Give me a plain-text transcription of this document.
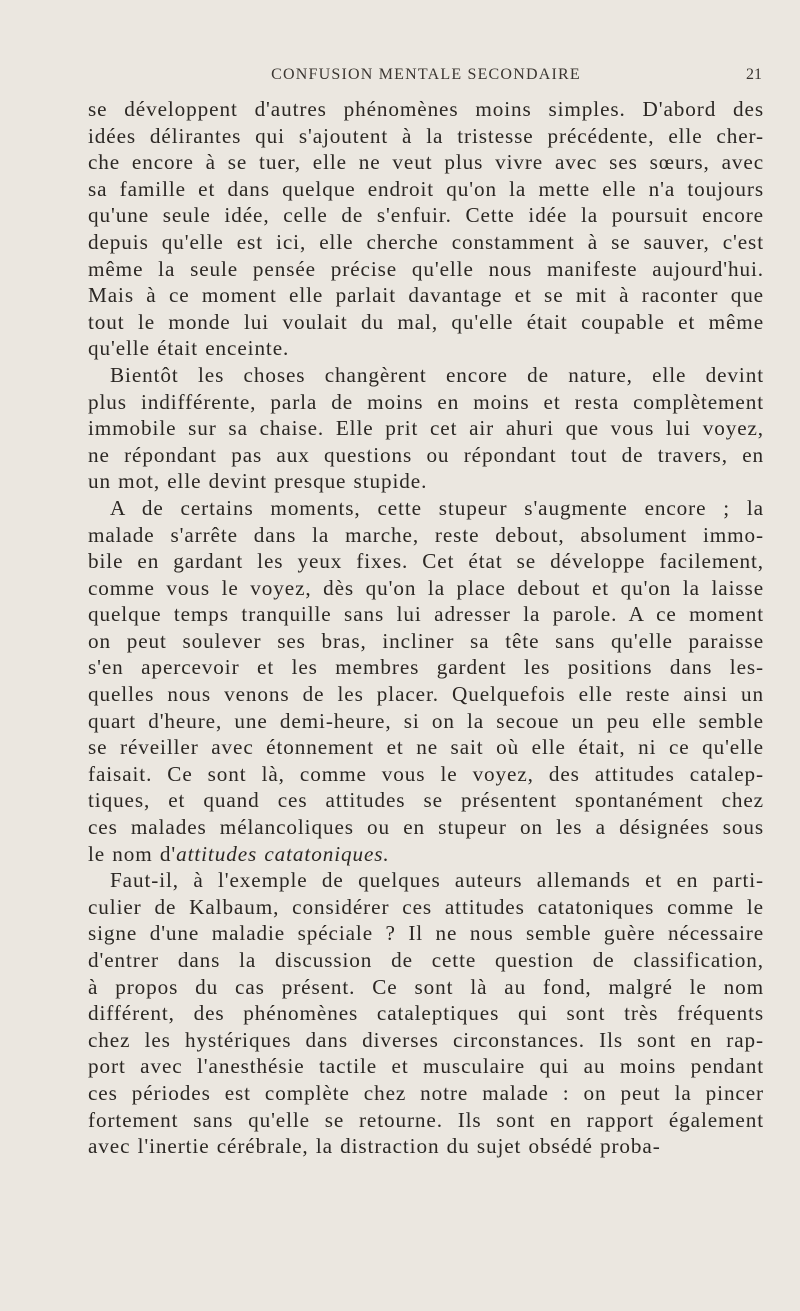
CONFUSION MENTALE SECONDAIRE	21
se développent d'autres phénomènes moins simples. D'abord des
idées délirantes qui s'ajoutent à la tristesse précédente, elle cher-
che encore à se tuer, elle ne veut plus vivre avec ses sœurs, avec
sa famille et dans quelque endroit qu'on la mette elle n'a toujours
qu'une seule idée, celle de s'enfuir. Cette idée la poursuit encore
depuis qu'elle est ici, elle cherche constamment à se sauver, c'est
même la seule pensée précise qu'elle nous manifeste aujourd'hui.
Mais à ce moment elle parlait davantage et se mit à raconter que
tout le monde lui voulait du mal, qu'elle était coupable et même
qu'elle était enceinte.
Bientôt les choses changèrent encore de nature, elle devint
plus indifférente, parla de moins en moins et resta complètement
immobile sur sa chaise. Elle prit cet air ahuri que vous lui voyez,
ne répondant pas aux questions ou répondant tout de travers, en
un mot, elle devint presque stupide.
A de certains moments, cette stupeur s'augmente encore ; la
malade s'arrête dans la marche, reste debout, absolument immo-
bile en gardant les yeux fixes. Cet état se développe facilement,
comme vous le voyez, dès qu'on la place debout et qu'on la laisse
quelque temps tranquille sans lui adresser la parole. A ce moment
on peut soulever ses bras, incliner sa tête sans qu'elle paraisse
s'en apercevoir et les membres gardent les positions dans les-
quelles nous venons de les placer. Quelquefois elle reste ainsi un
quart d'heure, une demi-heure, si on la secoue un peu elle semble
se réveiller avec étonnement et ne sait où elle était, ni ce qu'elle
faisait. Ce sont là, comme vous le voyez, des attitudes catalep-
tiques, et quand ces attitudes se présentent spontanément chez
ces malades mélancoliques ou en stupeur on les a désignées sous
le nom d'attitudes catatoniques.
Faut-il, à l'exemple de quelques auteurs allemands et en parti-
culier de Kalbaum, considérer ces attitudes catatoniques comme le
signe d'une maladie spéciale ? Il ne nous semble guère nécessaire
d'entrer dans la discussion de cette question de classification,
à propos du cas présent. Ce sont là au fond, malgré le nom
différent, des phénomènes cataleptiques qui sont très fréquents
chez les hystériques dans diverses circonstances. Ils sont en rap-
port avec l'anesthésie tactile et musculaire qui au moins pendant
ces périodes est complète chez notre malade : on peut la pincer
fortement sans qu'elle se retourne. Ils sont en rapport également
avec l'inertie cérébrale, la distraction du sujet obsédé proba-
